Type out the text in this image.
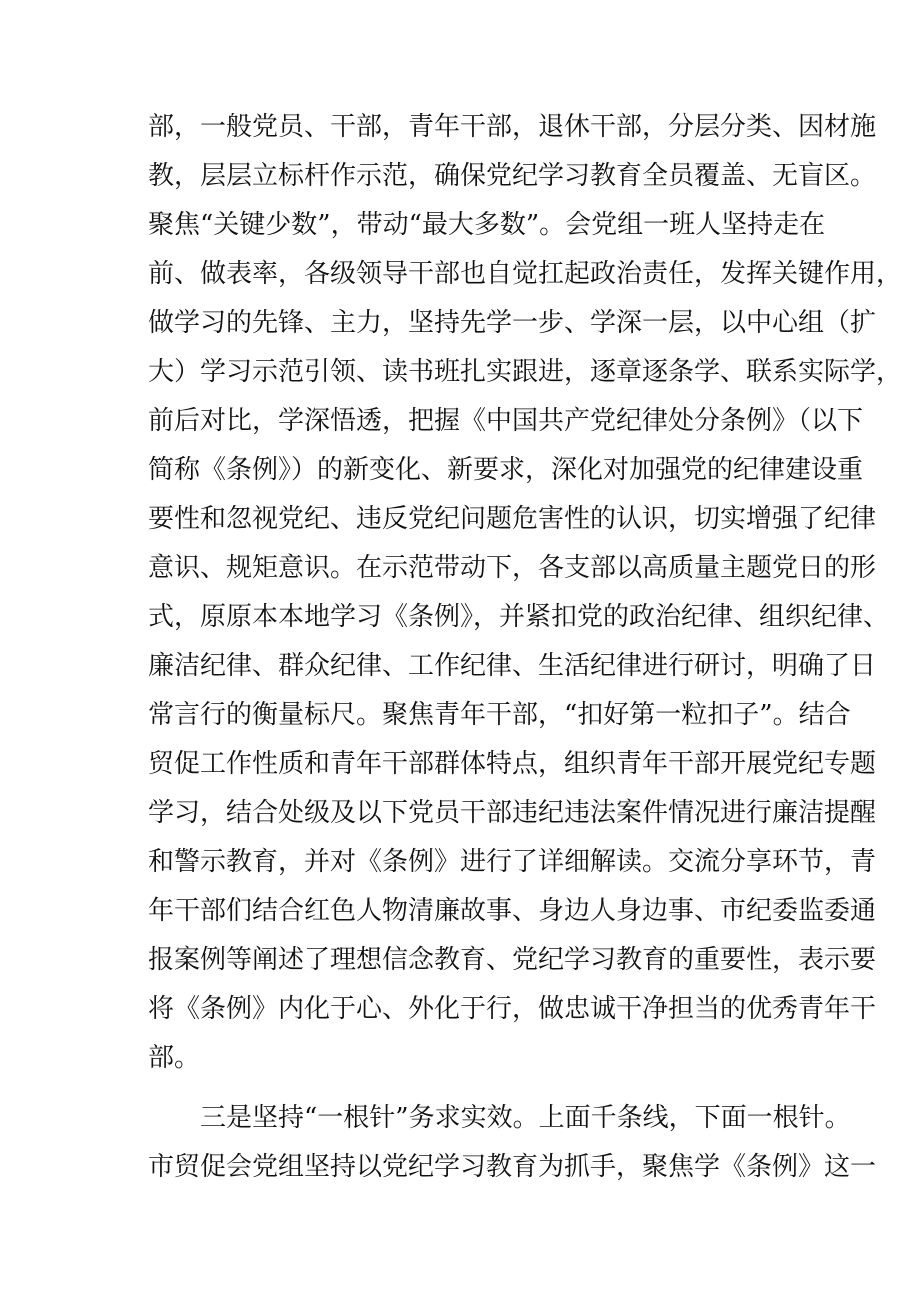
部，一般党员、干部，青年干部，退休干部，分层分类、因材施
教，层层立标杆作示范，确保党纪学习教育全员覆盖、无盲区。
聚焦“关键少数”，带动“最大多数”。会党组一班人坚持走在
前、做表率，各级领导干部也自觉扛起政治责任，发挥关键作用，
做学习的先锋、主力，坚持先学一步、学深一层，以中心组（扩
大）学习示范引领、读书班扎实跟进，逐章逐条学、联系实际学，
前后对比，学深悟透，把握《中国共产党纪律处分条例》（以下
简称《条例》）的新变化、新要求，深化对加强党的纪律建设重
要性和忽视党纪、违反党纪问题危害性的认识，切实增强了纪律
意识、规矩意识。在示范带动下，各支部以高质量主题党日的形
式，原原本本地学习《条例》，并紧扣党的政治纪律、组织纪律、
廉洁纪律、群众纪律、工作纪律、生活纪律进行研讨，明确了日
常言行的衡量标尺。聚焦青年干部，“扣好第一粒扣子”。结合
贸促工作性质和青年干部群体特点，组织青年干部开展党纪专题
学习，结合处级及以下党员干部违纪违法案件情况进行廉洁提醒
和警示教育，并对《条例》进行了详细解读。交流分享环节，青
年干部们结合红色人物清廉故事、身边人身边事、市纪委监委通
报案例等阐述了理想信念教育、党纪学习教育的重要性，表示要
将《条例》内化于心、外化于行，做忠诚干净担当的优秀青年干
部。
　　三是坚持“一根针”务求实效。上面千条线，下面一根针。
市贸促会党组坚持以党纪学习教育为抓手，聚焦学《条例》这一
